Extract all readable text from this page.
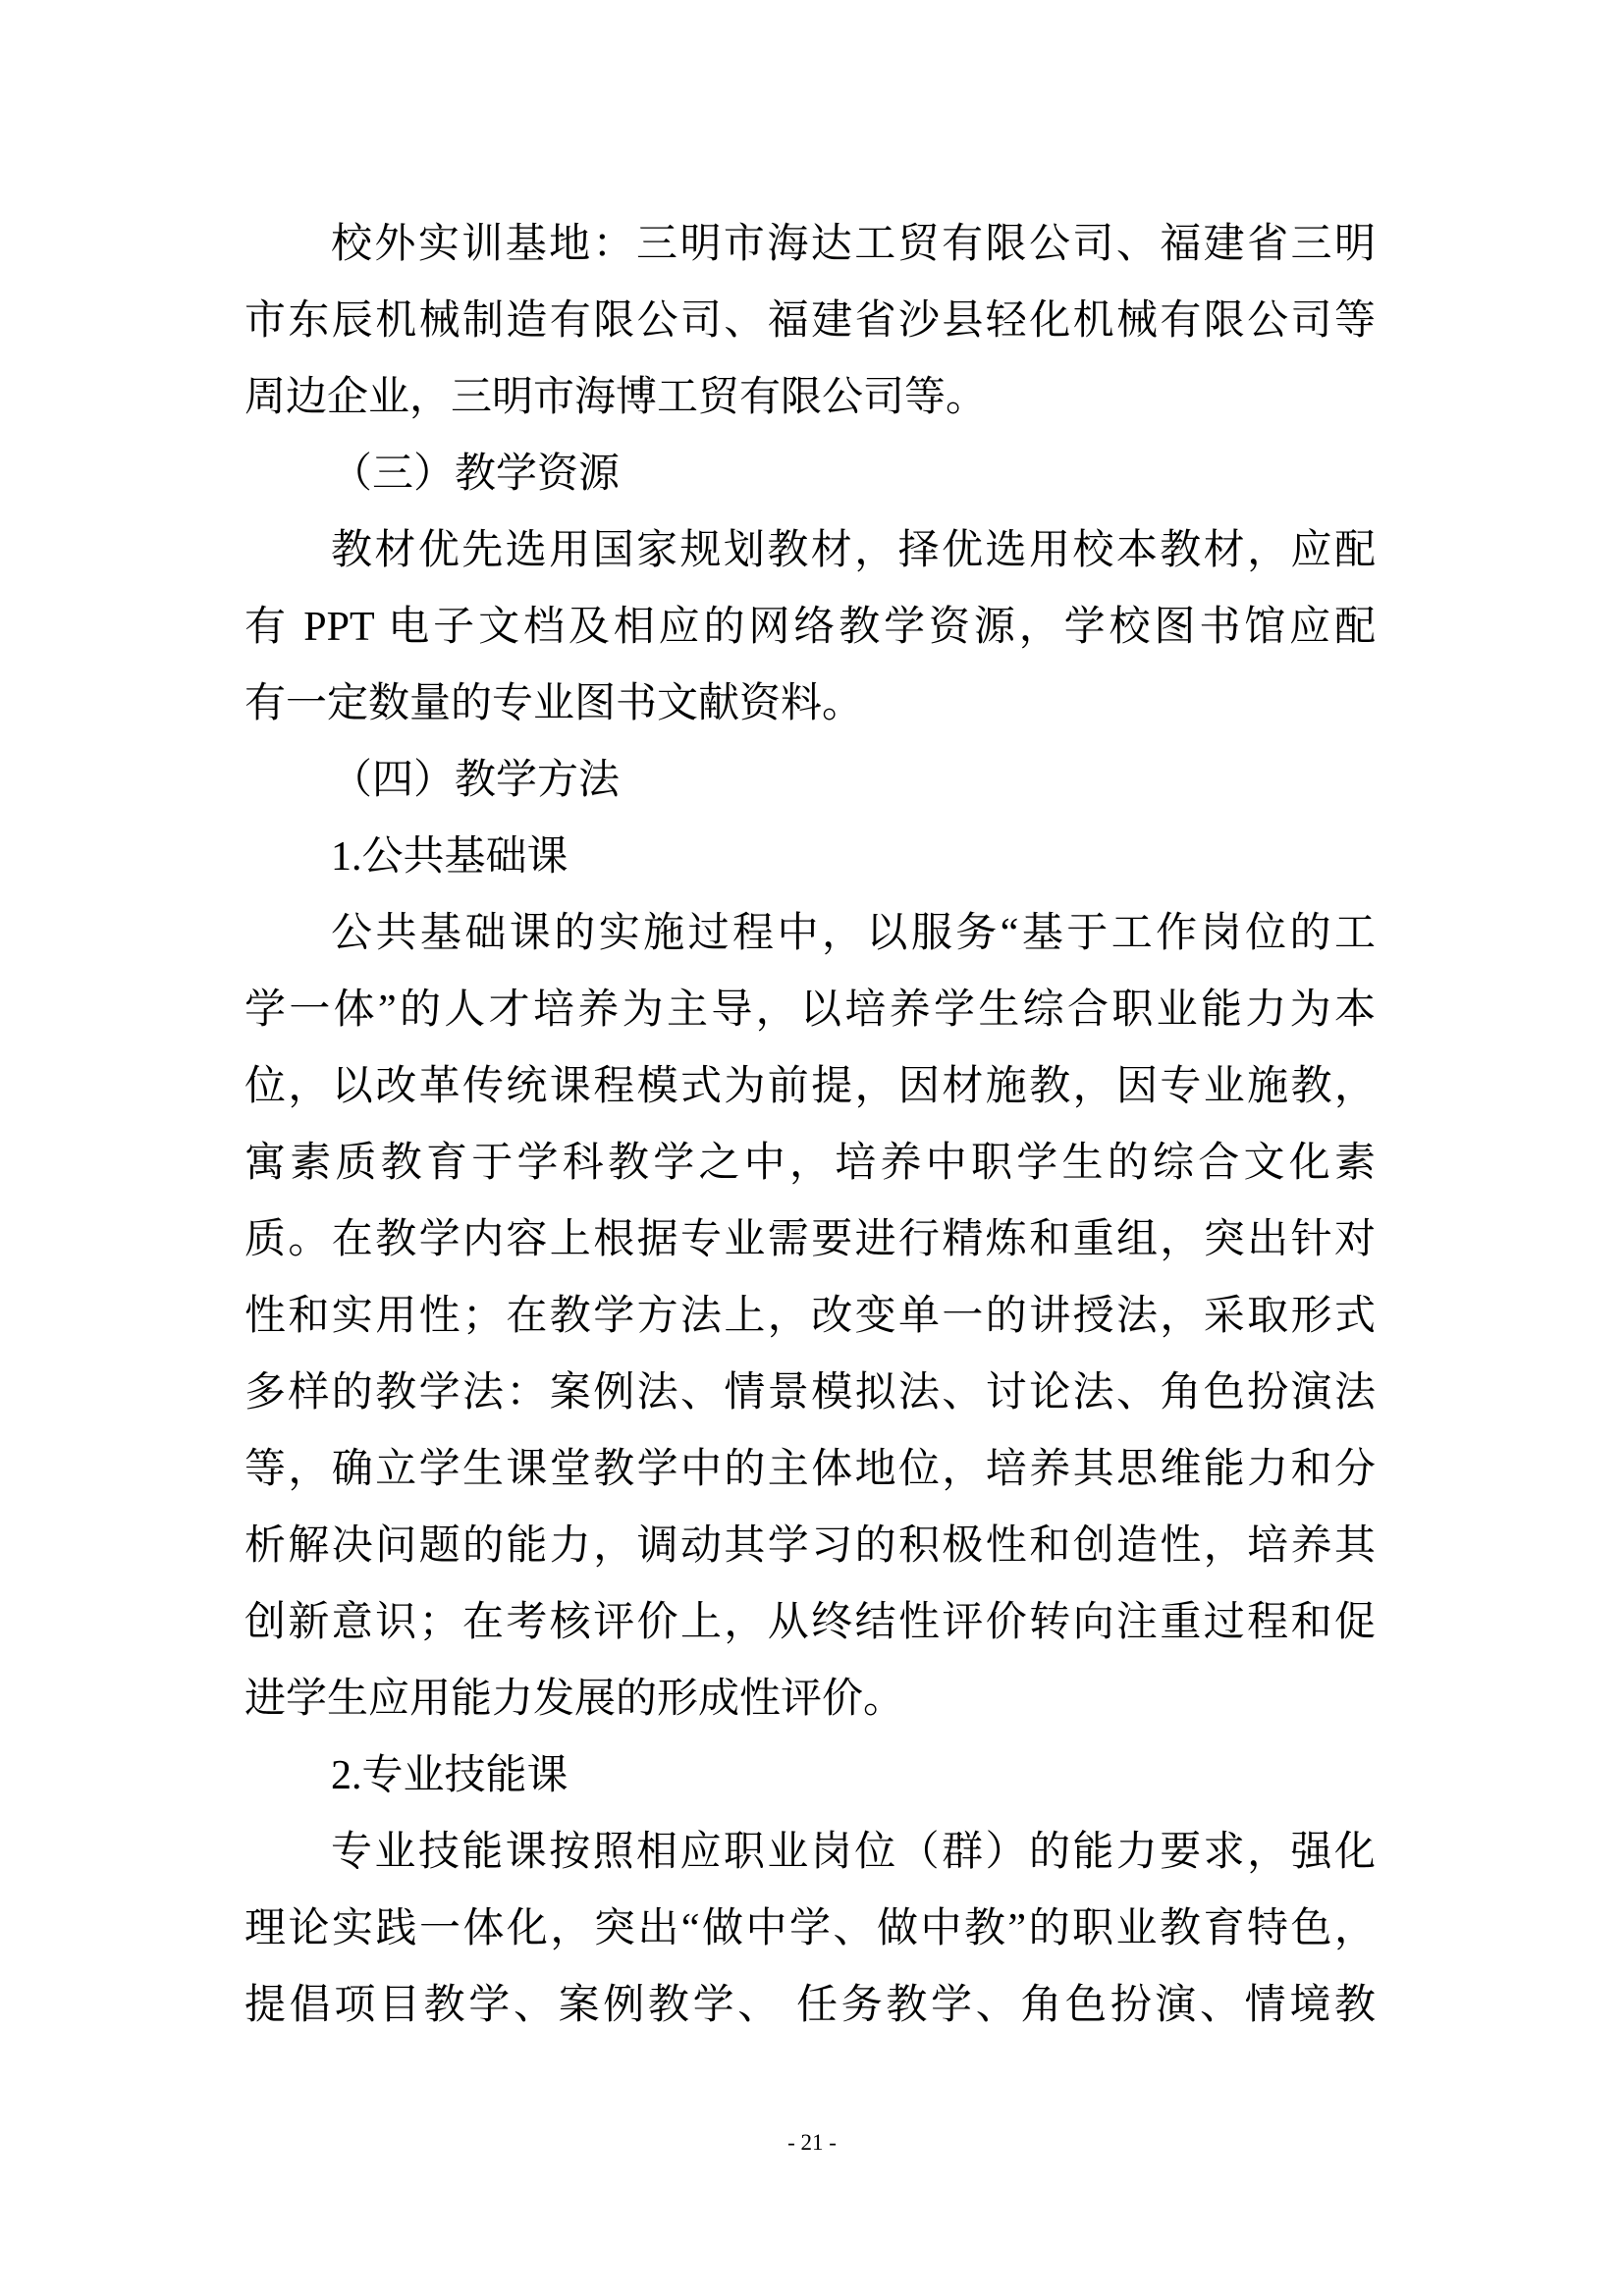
校外实训基地：三明市海达工贸有限公司、福建省三明
市东辰机械制造有限公司、福建省沙县轻化机械有限公司等
周边企业，三明市海博工贸有限公司等。
（三）教学资源
教材优先选用国家规划教材，择优选用校本教材，应配
有 PPT 电子文档及相应的网络教学资源，学校图书馆应配
有一定数量的专业图书文献资料。
（四）教学方法
1.公共基础课
公共基础课的实施过程中，以服务“基于工作岗位的工
学一体”的人才培养为主导，以培养学生综合职业能力为本
位，以改革传统课程模式为前提，因材施教，因专业施教，
寓素质教育于学科教学之中，培养中职学生的综合文化素
质。在教学内容上根据专业需要进行精炼和重组，突出针对
性和实用性；在教学方法上，改变单一的讲授法，采取形式
多样的教学法：案例法、情景模拟法、讨论法、角色扮演法
等，确立学生课堂教学中的主体地位，培养其思维能力和分
析解决问题的能力，调动其学习的积极性和创造性，培养其
创新意识；在考核评价上，从终结性评价转向注重过程和促
进学生应用能力发展的形成性评价。
2.专业技能课
专业技能课按照相应职业岗位（群）的能力要求，强化
理论实践一体化，突出“做中学、做中教”的职业教育特色，
提倡项目教学、案例教学、 任务教学、角色扮演、情境教
- 21 -
